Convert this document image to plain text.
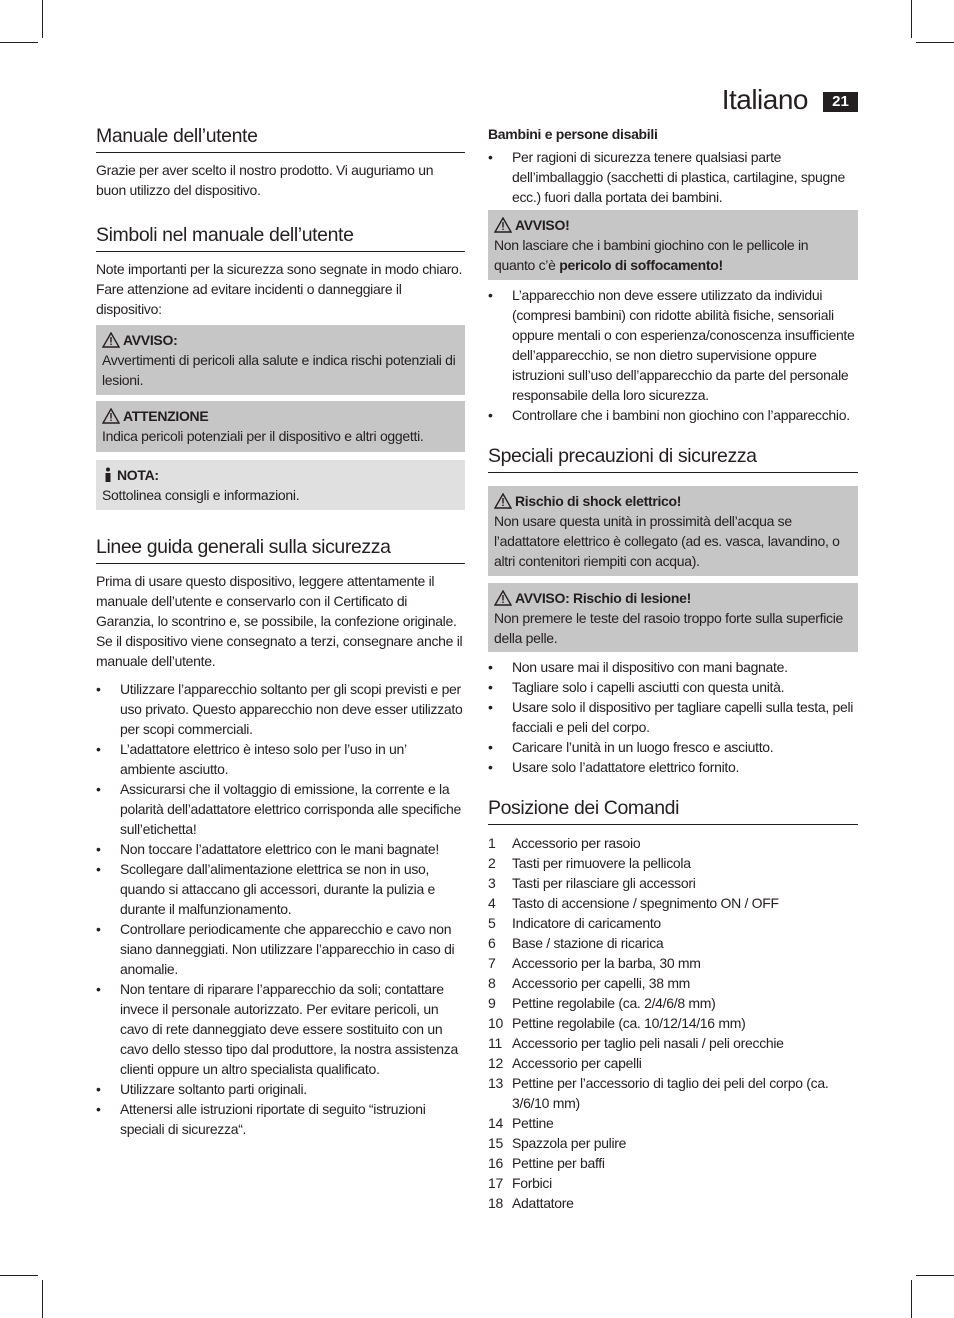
Italiano	21
Manuale dell’utente

Grazie per aver scelto il nostro prodotto. Vi auguriamo un buon utilizzo del dispositivo.

Simboli nel manuale dell’utente

Note importanti per la sicurezza sono segnate in modo chiaro. Fare attenzione ad evitare incidenti o danneggiare il dispositivo:

AVVISO:
Avvertimenti di pericoli alla salute e indica rischi potenziali di lesioni.
ATTENZIONE
Indica pericoli potenziali per il dispositivo e altri oggetti.
NOTA:
Sottolinea consigli e informazioni.
Linee guida generali sulla sicurezza

Prima di usare questo dispositivo, leggere attentamente il manuale dell’utente e conservarlo con il Certificato di Garanzia, lo scontrino e, se possibile, la confezione originale. Se il dispositivo viene consegnato a terzi, consegnare anche il manuale dell’utente.

• Utilizzare l’apparecchio soltanto per gli scopi previsti e per uso privato. Questo apparecchio non deve esser utilizzato per scopi commerciali.
• L’adattatore elettrico è inteso solo per l’uso in un’ ambiente asciutto.
• Assicurarsi che il voltaggio di emissione, la corrente e la polarità dell’adattatore elettrico corrisponda alle specifiche sull’etichetta!
• Non toccare l’adattatore elettrico con le mani bagnate!
• Scollegare dall’alimentazione elettrica se non in uso, quando si attaccano gli accessori, durante la pulizia e durante il malfunzionamento.
• Controllare periodicamente che apparecchio e cavo non siano danneggiati. Non utilizzare l’apparecchio in caso di anomalie.
• Non tentare di riparare l’apparecchio da soli; contattare invece il personale autorizzato. Per evitare pericoli, un cavo di rete danneggiato deve essere sostituito con un cavo dello stesso tipo dal produttore, la nostra assistenza clienti oppure un altro specialista qualificato.
• Utilizzare soltanto parti originali.
• Attenersi alle istruzioni riportate di seguito “istruzioni speciali di sicurezza“.

Bambini e persone disabili

• Per ragioni di sicurezza tenere qualsiasi parte dell’imballaggio (sacchetti di plastica, cartilagine, spugne ecc.) fuori dalla portata dei bambini.
AVVISO!
Non lasciare che i bambini giochino con le pellicole in quanto c’è pericolo di soffocamento!
• L’apparecchio non deve essere utilizzato da individui (compresi bambini) con ridotte abilità fisiche, sensoriali oppure mentali o con esperienza/conoscenza insufficiente dell’apparecchio, se non dietro supervisione oppure istruzioni sull’uso dell’apparecchio da parte del personale responsabile della loro sicurezza.
• Controllare che i bambini non giochino con l’apparecchio.
Speciali precauzioni di sicurezza
Rischio di shock elettrico!
Non usare questa unità in prossimità dell’acqua se l’adattatore elettrico è collegato (ad es. vasca, lavandino, o altri contenitori riempiti con acqua).
AVVISO: Rischio di lesione!
Non premere le teste del rasoio troppo forte sulla superficie della pelle.
• Non usare mai il dispositivo con mani bagnate.
• Tagliare solo i capelli asciutti con questa unità.
• Usare solo il dispositivo per tagliare capelli sulla testa, peli facciali e peli del corpo.
• Caricare l’unità in un luogo fresco e asciutto.
• Usare solo l’adattatore elettrico fornito.
Posizione dei Comandi
1 Accessorio per rasoio
2 Tasti per rimuovere la pellicola
3 Tasti per rilasciare gli accessori
4 Tasto di accensione / spegnimento ON / OFF
5 Indicatore di caricamento
6 Base / stazione di ricarica
7 Accessorio per la barba, 30 mm
8 Accessorio per capelli, 38 mm
9 Pettine regolabile (ca. 2/4/6/8 mm)
10 Pettine regolabile (ca. 10/12/14/16 mm)
11 Accessorio per taglio peli nasali / peli orecchie
12 Accessorio per capelli
13 Pettine per l’accessorio di taglio dei peli del corpo (ca. 3/6/10 mm)
14 Pettine
15 Spazzola per pulire
16 Pettine per baffi
17 Forbici
18 Adattatore
